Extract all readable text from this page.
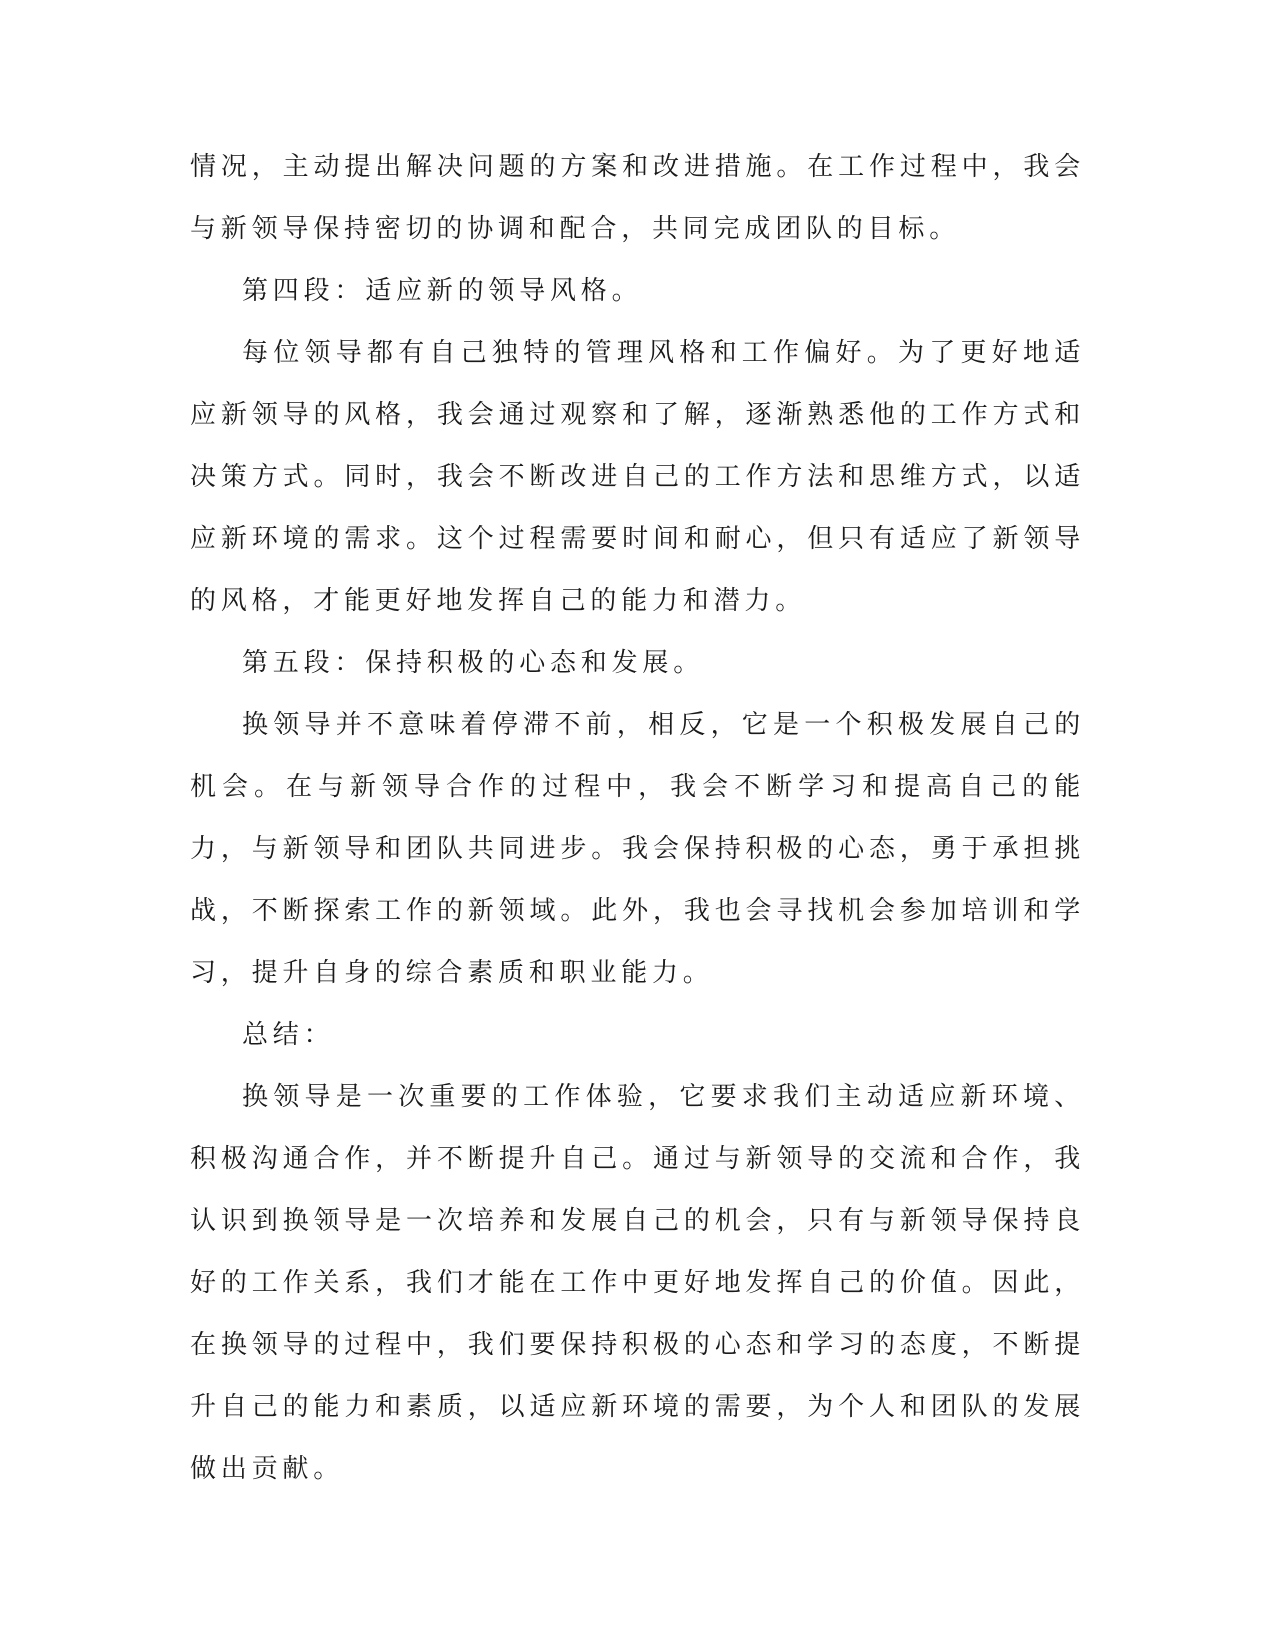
情况，主动提出解决问题的方案和改进措施。在工作过程中，我会与新领导保持密切的协调和配合，共同完成团队的目标。

第四段：适应新的领导风格。

每位领导都有自己独特的管理风格和工作偏好。为了更好地适应新领导的风格，我会通过观察和了解，逐渐熟悉他的工作方式和决策方式。同时，我会不断改进自己的工作方法和思维方式，以适应新环境的需求。这个过程需要时间和耐心，但只有适应了新领导的风格，才能更好地发挥自己的能力和潜力。

第五段：保持积极的心态和发展。

换领导并不意味着停滞不前，相反，它是一个积极发展自己的机会。在与新领导合作的过程中，我会不断学习和提高自己的能力，与新领导和团队共同进步。我会保持积极的心态，勇于承担挑战，不断探索工作的新领域。此外，我也会寻找机会参加培训和学习，提升自身的综合素质和职业能力。

总结：

换领导是一次重要的工作体验，它要求我们主动适应新环境、积极沟通合作，并不断提升自己。通过与新领导的交流和合作，我认识到换领导是一次培养和发展自己的机会，只有与新领导保持良好的工作关系，我们才能在工作中更好地发挥自己的价值。因此，在换领导的过程中，我们要保持积极的心态和学习的态度，不断提升自己的能力和素质，以适应新环境的需要，为个人和团队的发展做出贡献。
